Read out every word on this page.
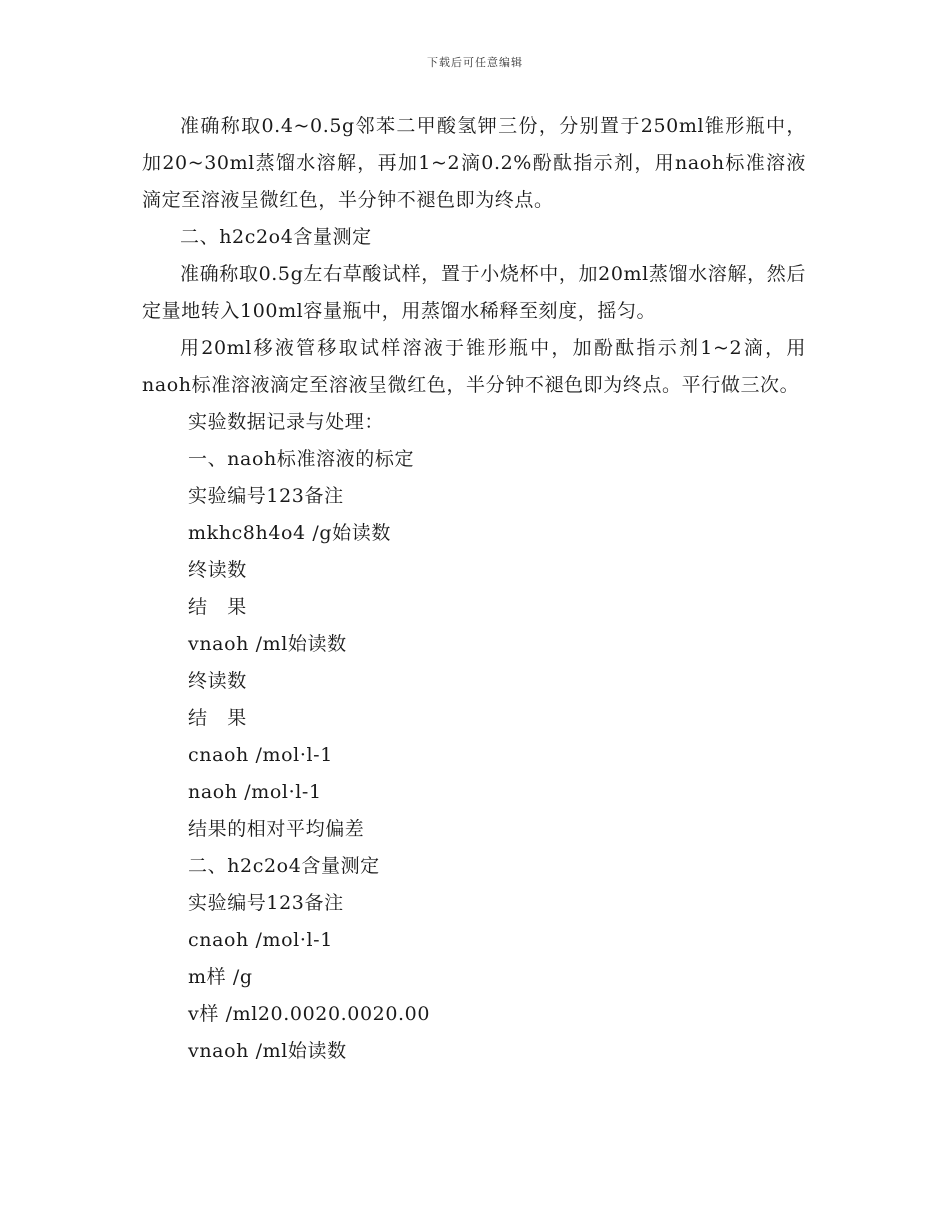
下载后可任意编辑

准确称取0.4~0.5g邻苯二甲酸氢钾三份，分别置于250ml锥形瓶中，加20~30ml蒸馏水溶解，再加1~2滴0.2%酚酞指示剂，用naoh标准溶液滴定至溶液呈微红色，半分钟不褪色即为终点。

二、h2c2o4含量测定

准确称取0.5g左右草酸试样，置于小烧杯中，加20ml蒸馏水溶解，然后定量地转入100ml容量瓶中，用蒸馏水稀释至刻度，摇匀。

用20ml移液管移取试样溶液于锥形瓶中，加酚酞指示剂1~2滴，用naoh标准溶液滴定至溶液呈微红色，半分钟不褪色即为终点。平行做三次。

实验数据记录与处理：

一、naoh标准溶液的标定

实验编号123备注

mkhc8h4o4 /g始读数

终读数

结　果

vnaoh /ml始读数

终读数

结　果

cnaoh /mol·l-1

naoh /mol·l-1

结果的相对平均偏差

二、h2c2o4含量测定

实验编号123备注

cnaoh /mol·l-1

m样 /g

v样 /ml20.0020.0020.00

vnaoh /ml始读数
